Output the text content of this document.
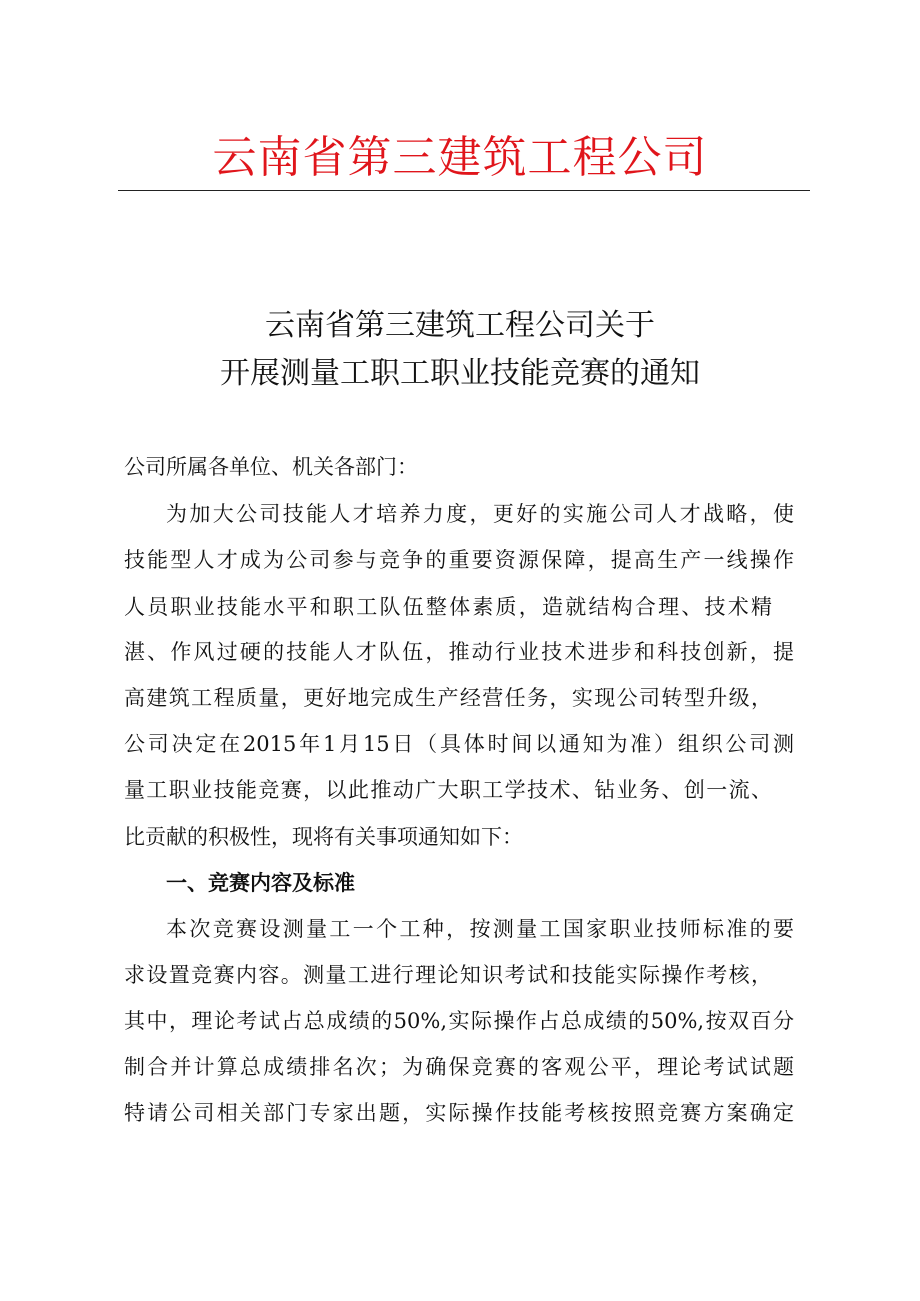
云南省第三建筑工程公司
云南省第三建筑工程公司关于
开展测量工职工职业技能竞赛的通知
公司所属各单位、机关各部门：
为加大公司技能人才培养力度，更好的实施公司人才战略，使
技能型人才成为公司参与竞争的重要资源保障，提高生产一线操作
人员职业技能水平和职工队伍整体素质，造就结构合理、技术精
湛、作风过硬的技能人才队伍，推动行业技术进步和科技创新，提
高建筑工程质量，更好地完成生产经营任务，实现公司转型升级，
公司决定在2015年1月15日（具体时间以通知为准）组织公司测
量工职业技能竞赛，以此推动广大职工学技术、钻业务、创一流、
比贡献的积极性，现将有关事项通知如下：
一、竞赛内容及标准
本次竞赛设测量工一个工种，按测量工国家职业技师标准的要
求设置竞赛内容。测量工进行理论知识考试和技能实际操作考核，
其中，理论考试占总成绩的50%,实际操作占总成绩的50%,按双百分
制合并计算总成绩排名次；为确保竞赛的客观公平，理论考试试题
特请公司相关部门专家出题，实际操作技能考核按照竞赛方案确定
